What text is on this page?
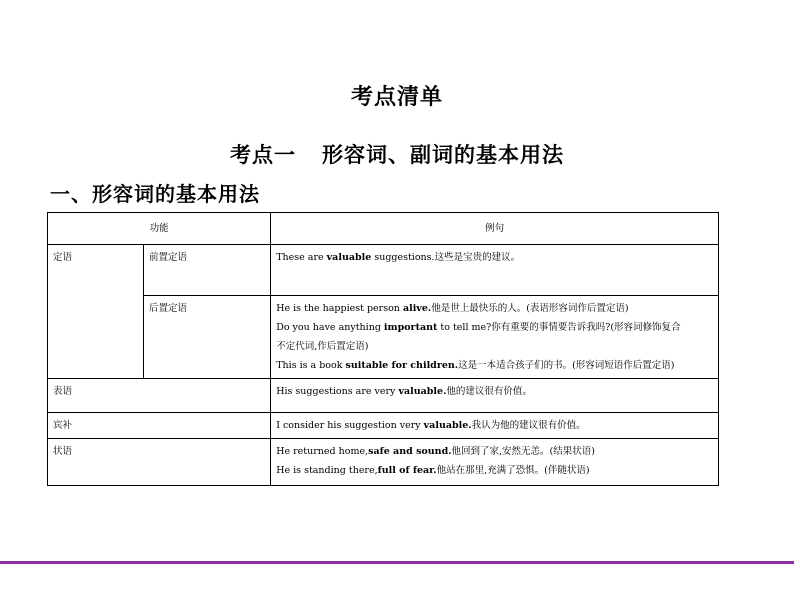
考点清单
考点一 形容词、副词的基本用法
一、形容词的基本用法
功能		例句
定语	前置定语	These are valuable suggestions.这些是宝贵的建议。

	后置定语	He is the happiest person alive.他是世上最快乐的人。(表语形容词作后置定语)
Do you have anything important to tell me?你有重要的事情要告诉我吗?(形容词修饰复合
不定代词,作后置定语)
This is a book suitable for children.这是一本适合孩子们的书。(形容词短语作后置定语)

表语		His suggestions are very valuable.他的建议很有价值。

宾补		I consider his suggestion very valuable.我认为他的建议很有价值。

状语		He returned home,safe and sound.他回到了家,安然无恙。(结果状语)
He is standing there,full of fear.他站在那里,充满了恐惧。(伴随状语)
